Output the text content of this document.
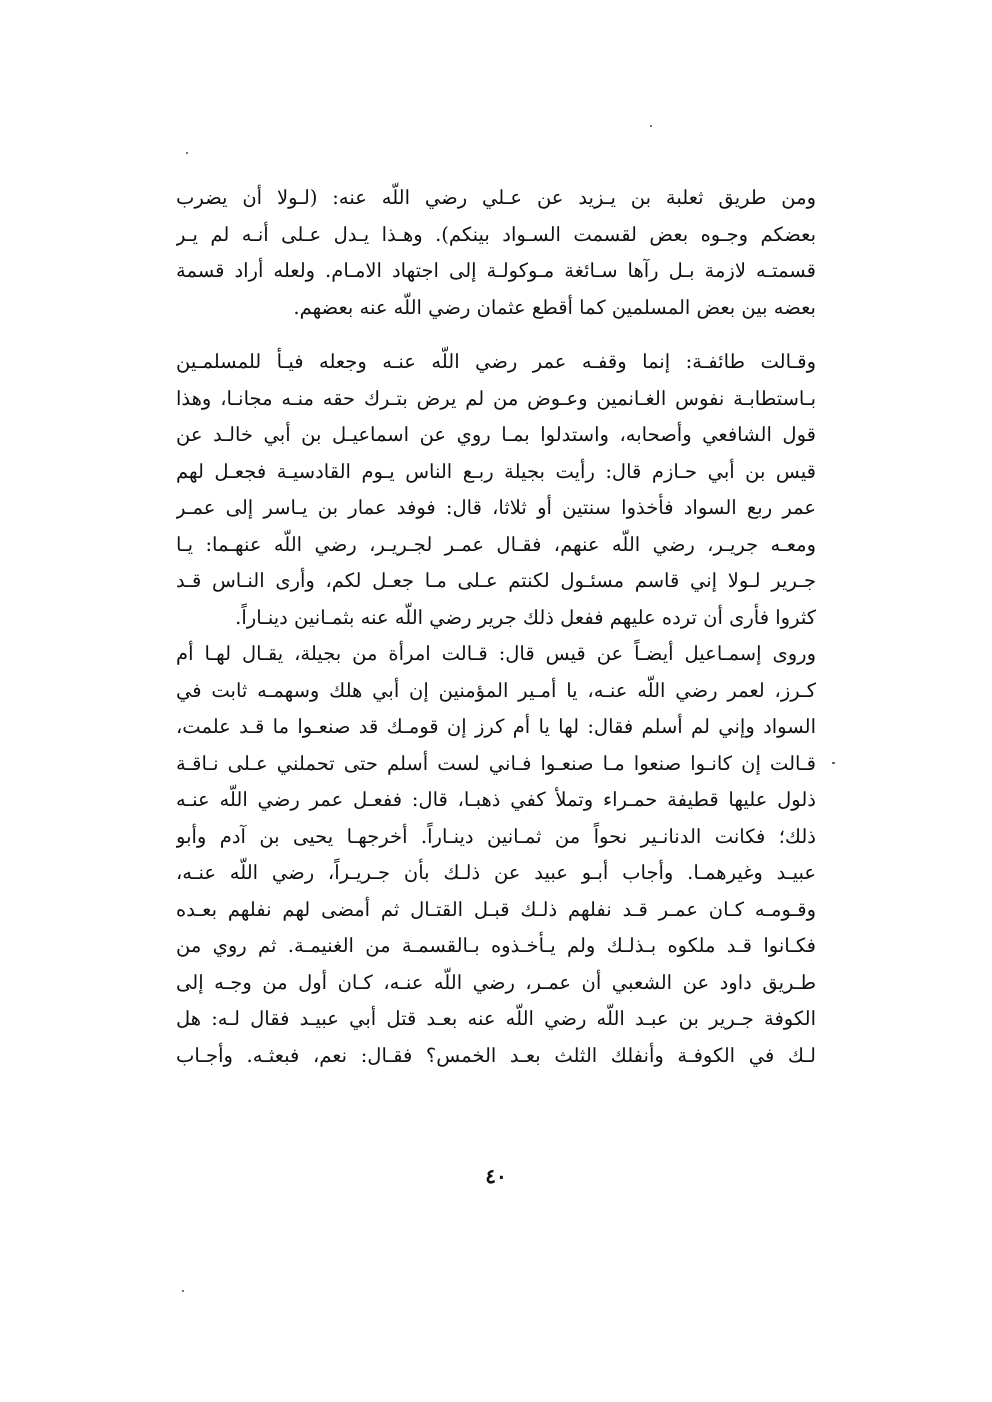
ومن طريق ثعلبة بن يـزيد عن عـلي رضي اللّه عنه: (لـولا أن يضرب
بعضكم وجـوه بعض لقسمت السـواد بينكم). وهـذا يـدل عـلى أنـه لم يـر
قسمتـه لازمة بـل رآها سـائغة مـوكولـة إلى اجتهاد الامـام. ولعله أراد قسمة
بعضه بين بعض المسلمين كما أقطع عثمان رضي اللّه عنه بعضهم.

وقـالت طائفـة: إنما وقفـه عمر رضي اللّه عنـه وجعله فيـأ للمسلمـين
بـاستطابـة نفوس الغـانمين وعـوض من لم يرض بتـرك حقه منـه مجانـا، وهذا
قول الشافعي وأصحابه، واستدلوا بمـا روي عن اسماعيـل بن أبي خالـد عن
قيس بن أبي حـازم قال: رأيت بجيلة ربـع الناس يـوم القادسيـة فجعـل لهم
عمر ربع السواد فأخذوا سنتين أو ثلاثا، قال: فوفد عمار بن يـاسر إلى عمـر
ومعـه جريـر، رضي اللّه عنهم، فقـال عمـر لجـريـر، رضي اللّه عنهـما: يـا
جـرير لـولا إني قاسم مسئـول لكنتم عـلى مـا جعـل لكم، وأرى النـاس قـد
كثروا فأرى أن ترده عليهم ففعل ذلك جرير رضي اللّه عنه بثمـانين دينـاراً.
وروى إسمـاعيل أيضـاً عن قيس قال: قـالت امرأة من بجيلة، يقـال لهـا أم
كـرز، لعمر رضي اللّه عنـه، يا أمـير المؤمنين إن أبي هلك وسهمـه ثابت في
السواد وإني لم أسلم فقال: لها يا أم كرز إن قومـك قد صنعـوا ما قـد علمت،
قـالت إن كانـوا صنعوا مـا صنعـوا فـاني لست أسلم حتى تحملني عـلى نـاقـة
ذلول عليها قطيفة حمـراء وتملأ كفي ذهبـا، قال: ففعـل عمر رضي اللّه عنـه
ذلك؛ فكانت الدنانـير نحواً من ثمـانين دينـاراً. أخرجهـا يحيى بن آدم وأبو
عبيـد وغيرهمـا. وأجاب أبـو عبيد عن ذلـك بأن جـريـراً، رضي اللّه عنـه،
وقـومـه كـان عمـر قـد نفلهم ذلـك قبـل القتـال ثم أمضى لهم نفلهم بعـده
فكـانوا قـد ملكوه بـذلـك ولم يـأخـذوه بـالقسمـة من الغنيمـة. ثم روي من
طـريق داود عن الشعبي أن عمـر، رضي اللّه عنـه، كـان أول من وجـه إلى
الكوفة جـرير بن عبـد اللّه رضي اللّه عنه بعـد قتل أبي عبيـد فقال لـه: هل
لـك في الكوفـة وأنفلك الثلث بعـد الخمس؟ فقـال: نعم، فبعثـه. وأجـاب

٤٠
